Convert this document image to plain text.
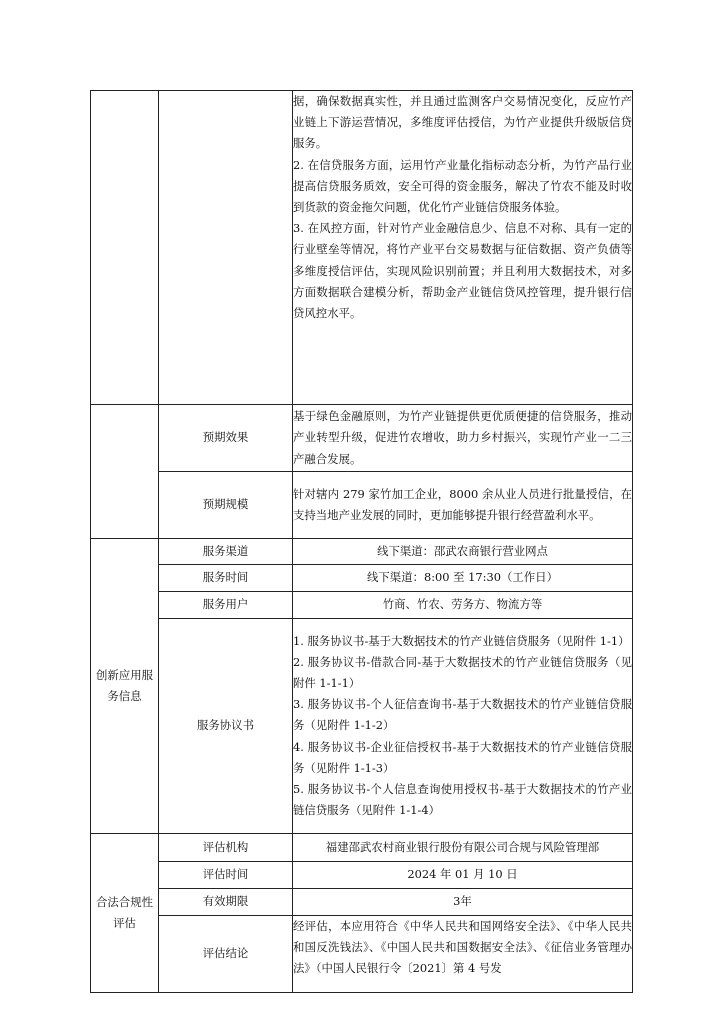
		据，确保数据真实性，并且通过监测客户交易情况变化，反应竹产业链上下游运营情况，多维度评估授信，为竹产业提供升级版信贷服务。

2. 在信贷服务方面，运用竹产业量化指标动态分析，为竹产品行业提高信贷服务质效，安全可得的资金服务，解决了竹农不能及时收到货款的资金拖欠问题，优化竹产业链信贷服务体验。

3. 在风控方面，针对竹产业金融信息少、信息不对称、具有一定的行业壁垒等情况，将竹产业平台交易数据与征信数据、资产负债等多维度授信评估，实现风险识别前置；并且利用大数据技术，对多方面数据联合建模分析，帮助金产业链信贷风控管理，提升银行信贷风控水平。

	预期效果	基于绿色金融原则，为竹产业链提供更优质便捷的信贷服务，推动产业转型升级，促进竹农增收，助力乡村振兴，实现竹产业一二三产融合发展。
	预期规模	针对辖内 279 家竹加工企业，8000 余从业人员进行批量授信，在支持当地产业发展的同时，更加能够提升银行经营盈利水平。
创新应用服务信息	服务渠道	线下渠道：邵武农商银行营业网点
	服务时间	线下渠道：8:00 至 17:30（工作日）
	服务用户	竹商、竹农、劳务方、物流方等
	服务协议书	1. 服务协议书-基于大数据技术的竹产业链信贷服务（见附件 1-1）

2. 服务协议书-借款合同-基于大数据技术的竹产业链信贷服务（见附件 1-1-1）

3. 服务协议书-个人征信查询书-基于大数据技术的竹产业链信贷服务（见附件 1-1-2）

4. 服务协议书-企业征信授权书-基于大数据技术的竹产业链信贷服务（见附件 1-1-3）

5. 服务协议书-个人信息查询使用授权书-基于大数据技术的竹产业链信贷服务（见附件 1-1-4）

合法合规性评估	评估机构	福建邵武农村商业银行股份有限公司合规与风险管理部
	评估时间	2024 年 01 月 10 日
	有效期限	3年
	评估结论	经评估，本应用符合《中华人民共和国网络安全法》、《中华人民共和国反洗钱法》、《中国人民共和国数据安全法》、《征信业务管理办法》（中国人民银行令〔2021〕第 4 号发
